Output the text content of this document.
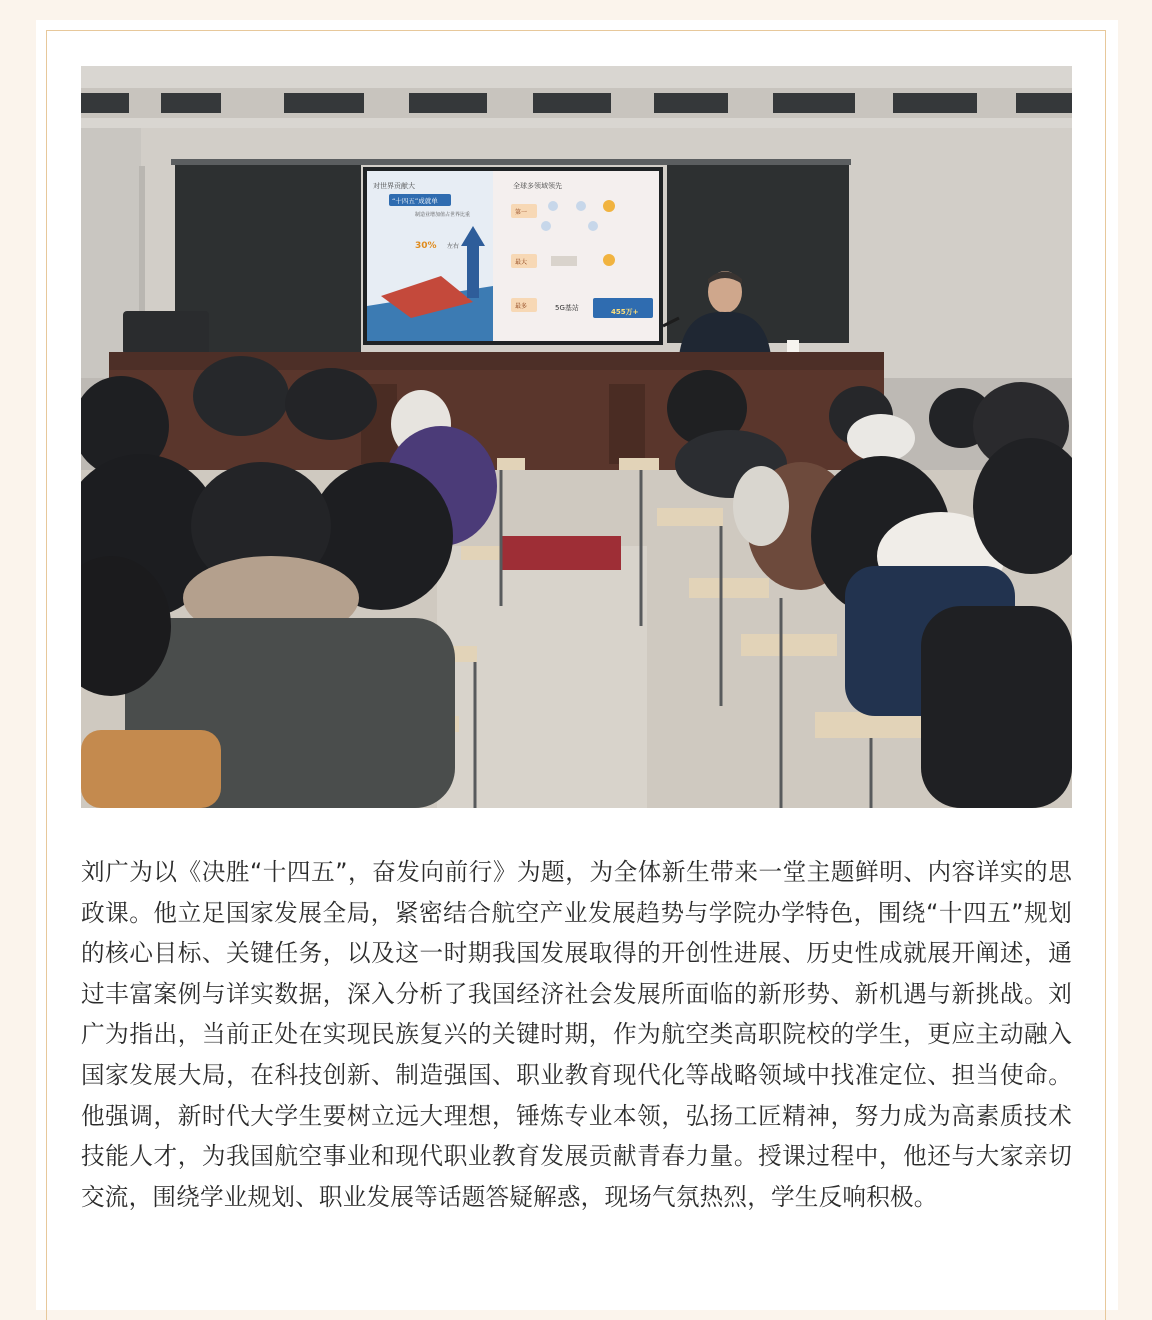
对世界贡献大
“十四五”成就单
制造业增加值占世界比重
30% 左右
全球多领域领先
第一
最大
最多	5G基站	455万+

刘广为以《决胜“十四五”，奋发向前行》为题，为全体新生带来一堂主题鲜明、内容详实的思政课。他立足国家发展全局，紧密结合航空产业发展趋势与学院办学特色，围绕“十四五”规划的核心目标、关键任务，以及这一时期我国发展取得的开创性进展、历史性成就展开阐述，通过丰富案例与详实数据，深入分析了我国经济社会发展所面临的新形势、新机遇与新挑战。刘广为指出，当前正处在实现民族复兴的关键时期，作为航空类高职院校的学生，更应主动融入国家发展大局，在科技创新、制造强国、职业教育现代化等战略领域中找准定位、担当使命。他强调，新时代大学生要树立远大理想，锤炼专业本领，弘扬工匠精神，努力成为高素质技术技能人才，为我国航空事业和现代职业教育发展贡献青春力量。授课过程中，他还与大家亲切交流，围绕学业规划、职业发展等话题答疑解惑，现场气氛热烈，学生反响积极。
